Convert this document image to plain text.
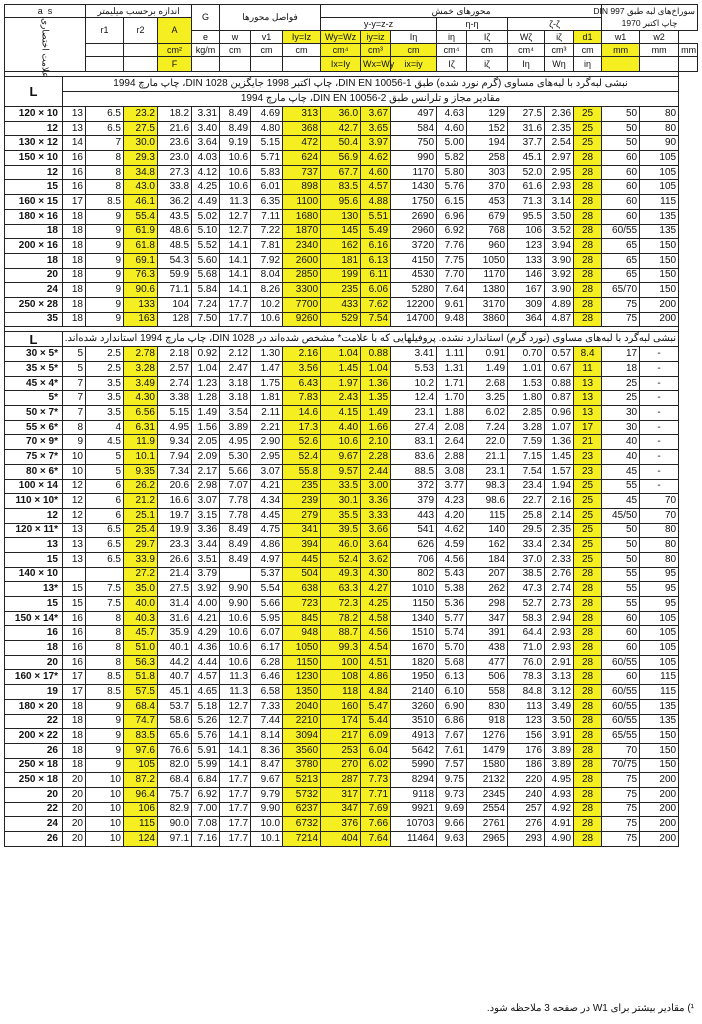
a s		اندازه برحسب میلیمتر			G	فواصل محورها			محورهای خمش								سوراخ‌های لبه طبق DIN 997
چاپ اکتبر 1970		

علامت اختصاری		r1	r2	A					y-y=z-z			η-η		ζ-ζ					
					e	w	v1	Iy=Iz	Wy=Wz	iy=iz	Iη	iη	Iζ	Wζ	iζ	d1	w1	w2	
				cm²	kg/m	cm	cm	cm	cm⁴	cm³	cm	cm⁴	cm	cm⁴	cm³	cm	mm	mm	mm
				F					Ix=Iy	Wx=Wy	ix=iy	Iζ	iζ	Iη	Wη	iη			

L	نبشی لبه‌گرد با لبه‌های مساوی (گرم نورد شده) طبق DIN EN 10056-1، چاپ اکتبر 1998 جایگزین DIN 1028، چاپ مارچ 1994																		
	مقادیر مجاز و تلرانس طبق DIN EN 10056-2، چاپ مارچ 1994																		
120 × 10	13	6.5	23.2	18.2	3.31	8.49	4.69	313	36.0	3.67	497	4.63	129	27.5	2.36	25	50	80	
12	13	6.5	27.5	21.6	3.40	8.49	4.80	368	42.7	3.65	584	4.60	152	31.6	2.35	25	50	80	
130 × 12	14	7	30.0	23.6	3.64	9.19	5.15	472	50.4	3.97	750	5.00	194	37.7	2.54	25	50	90	
150 × 10	16	8	29.3	23.0	4.03	10.6	5.71	624	56.9	4.62	990	5.82	258	45.1	2.97	28	60	105	
12	16	8	34.8	27.3	4.12	10.6	5.83	737	67.7	4.60	1170	5.80	303	52.0	2.95	28	60	105	
15	16	8	43.0	33.8	4.25	10.6	6.01	898	83.5	4.57	1430	5.76	370	61.6	2.93	28	60	105	
160 × 15	17	8.5	46.1	36.2	4.49	11.3	6.35	1100	95.6	4.88	1750	6.15	453	71.3	3.14	28	60	115	
180 × 16	18	9	55.4	43.5	5.02	12.7	7.11	1680	130	5.51	2690	6.96	679	95.5	3.50	28	60	135	
18	18	9	61.9	48.6	5.10	12.7	7.22	1870	145	5.49	2960	6.92	768	106	3.52	28	60/55	135	
200 × 16	18	9	61.8	48.5	5.52	14.1	7.81	2340	162	6.16	3720	7.76	960	123	3.94	28	65	150	
18	18	9	69.1	54.3	5.60	14.1	7.92	2600	181	6.13	4150	7.75	1050	133	3.90	28	65	150	
20	18	9	76.3	59.9	5.68	14.1	8.04	2850	199	6.11	4530	7.70	1170	146	3.92	28	65	150	
24	18	9	90.6	71.1	5.84	14.1	8.26	3300	235	6.06	5280	7.64	1380	167	3.90	28	65/70	150	
250 × 28	18	9	133	104	7.24	17.7	10.2	7700	433	7.62	12200	9.61	3170	309	4.89	28	75	200	
35	18	9	163	128	7.50	17.7	10.6	9260	529	7.54	14700	9.48	3860	364	4.87	28	75	200	

L	نبشی لبه‌گرد با لبه‌های مساوی (نورد گرم) استاندارد نشده. پروفیلهایی که با علامت* مشخص شده‌اند در DIN 1028، چاپ مارچ 1994 استاندارد شده‌اند.																		
30 × 5*	5	2.5	2.78	2.18	0.92	2.12	1.30	2.16	1.04	0.88	3.41	1.11	0.91	0.70	0.57	8.4	17	-	
35 × 5*	5	2.5	3.28	2.57	1.04	2.47	1.47	3.56	1.45	1.04	5.53	1.31	1.49	1.01	0.67	11	18	-	
45 × 4*	7	3.5	3.49	2.74	1.23	3.18	1.75	6.43	1.97	1.36	10.2	1.71	2.68	1.53	0.88	13	25	-	
5*	7	3.5	4.30	3.38	1.28	3.18	1.81	7.83	2.43	1.35	12.4	1.70	3.25	1.80	0.87	13	25	-	
50 × 7*	7	3.5	6.56	5.15	1.49	3.54	2.11	14.6	4.15	1.49	23.1	1.88	6.02	2.85	0.96	13	30	-	
55 × 6*	8	4	6.31	4.95	1.56	3.89	2.21	17.3	4.40	1.66	27.4	2.08	7.24	3.28	1.07	17	30	-	
70 × 9*	9	4.5	11.9	9.34	2.05	4.95	2.90	52.6	10.6	2.10	83.1	2.64	22.0	7.59	1.36	21	40	-	
75 × 7*	10	5	10.1	7.94	2.09	5.30	2.95	52.4	9.67	2.28	83.6	2.88	21.1	7.15	1.45	23	40	-	
80 × 6*	10	5	9.35	7.34	2.17	5.66	3.07	55.8	9.57	2.44	88.5	3.08	23.1	7.54	1.57	23	45	-	
100 × 14	12	6	26.2	20.6	2.98	7.07	4.21	235	33.5	3.00	372	3.77	98.3	23.4	1.94	25	55	-	
110 × 10*	12	6	21.2	16.6	3.07	7.78	4.34	239	30.1	3.36	379	4.23	98.6	22.7	2.16	25	45	70	
12	12	6	25.1	19.7	3.15	7.78	4.45	279	35.5	3.33	443	4.20	115	25.8	2.14	25	45/50	70	
120 × 11*	13	6.5	25.4	19.9	3.36	8.49	4.75	341	39.5	3.66	541	4.62	140	29.5	2.35	25	50	80	
13	13	6.5	29.7	23.3	3.44	8.49	4.86	394	46.0	3.64	626	4.59	162	33.4	2.34	25	50	80	
15	13	6.5	33.9	26.6	3.51	8.49	4.97	445	52.4	3.62	706	4.56	184	37.0	2.33	25	50	80	
140 × 10			27.2	21.4	3.79		5.37	504	49.3	4.30	802	5.43	207	38.5	2.76	28	55	95	
13*	15	7.5	35.0	27.5	3.92	9.90	5.54	638	63.3	4.27	1010	5.38	262	47.3	2.74	28	55	95	
15	15	7.5	40.0	31.4	4.00	9.90	5.66	723	72.3	4.25	1150	5.36	298	52.7	2.73	28	55	95	
150 × 14*	16	8	40.3	31.6	4.21	10.6	5.95	845	78.2	4.58	1340	5.77	347	58.3	2.94	28	60	105	
16	16	8	45.7	35.9	4.29	10.6	6.07	948	88.7	4.56	1510	5.74	391	64.4	2.93	28	60	105	
18	16	8	51.0	40.1	4.36	10.6	6.17	1050	99.3	4.54	1670	5.70	438	71.0	2.93	28	60	105	
20	16	8	56.3	44.2	4.44	10.6	6.28	1150	100	4.51	1820	5.68	477	76.0	2.91	28	60/55	105	
160 × 17*	17	8.5	51.8	40.7	4.57	11.3	6.46	1230	108	4.86	1950	6.13	506	78.3	3.13	28	60	115	
19	17	8.5	57.5	45.1	4.65	11.3	6.58	1350	118	4.84	2140	6.10	558	84.8	3.12	28	60/55	115	
180 × 20	18	9	68.4	53.7	5.18	12.7	7.33	2040	160	5.47	3260	6.90	830	113	3.49	28	60/55	135	
22	18	9	74.7	58.6	5.26	12.7	7.44	2210	174	5.44	3510	6.86	918	123	3.50	28	60/55	135	
200 × 22	18	9	83.5	65.6	5.76	14.1	8.14	3094	217	6.09	4913	7.67	1276	156	3.91	28	65/55	150	
26	18	9	97.6	76.6	5.91	14.1	8.36	3560	253	6.04	5642	7.61	1479	176	3.89	28	70	150	
250 × 18	18	9	105	82.0	5.99	14.1	8.47	3780	270	6.02	5990	7.57	1580	186	3.89	28	70/75	150	
250 × 18	20	10	87.2	68.4	6.84	17.7	9.67	5213	287	7.73	8294	9.75	2132	220	4.95	28	75	200	
20	20	10	96.4	75.7	6.92	17.7	9.79	5732	317	7.71	9118	9.73	2345	240	4.93	28	75	200	
22	20	10	106	82.9	7.00	17.7	9.90	6237	347	7.69	9921	9.69	2554	257	4.92	28	75	200	
24	20	10	115	90.0	7.08	17.7	10.0	6732	376	7.66	10703	9.66	2761	276	4.91	28	75	200	
26	20	10	124	97.1	7.16	17.7	10.1	7214	404	7.64	11464	9.63	2965	293	4.90	28	75	200	
¹) مقادیر بیشتر برای W1 در صفحه 3 ملاحظه شود.
